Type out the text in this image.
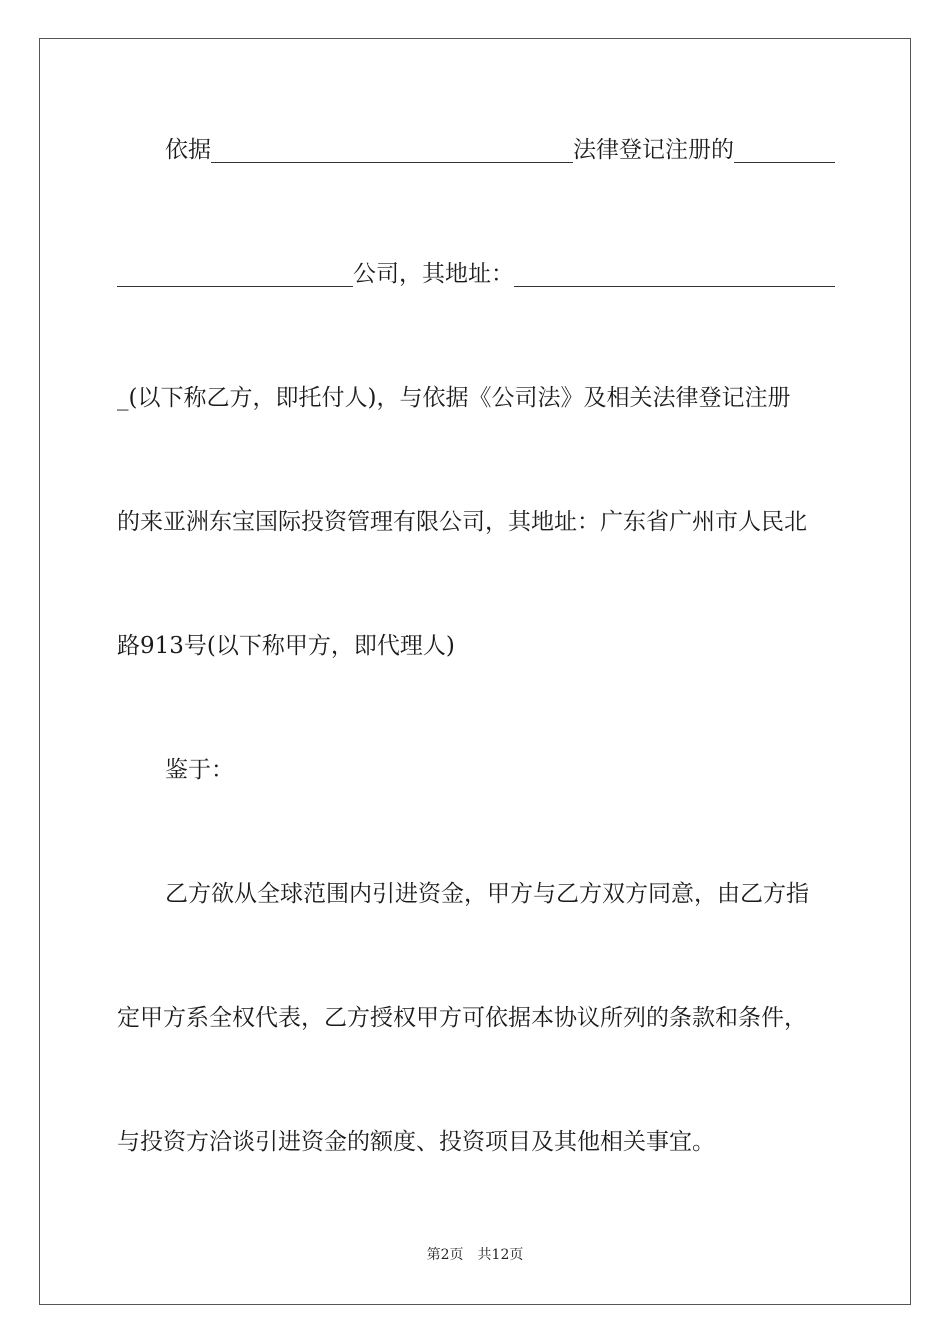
依据	法律登记注册的
公司，其地址：
_(以下称乙方，即托付人)，与依据《公司法》及相关法律登记注册
的来亚洲东宝国际投资管理有限公司，其地址：广东省广州市人民北
路913号(以下称甲方，即代理人)
鉴于：
乙方欲从全球范围内引进资金，甲方与乙方双方同意，由乙方指
定甲方系全权代表，乙方授权甲方可依据本协议所列的条款和条件，
与投资方洽谈引进资金的额度、投资项目及其他相关事宜。
第2页 共12页
